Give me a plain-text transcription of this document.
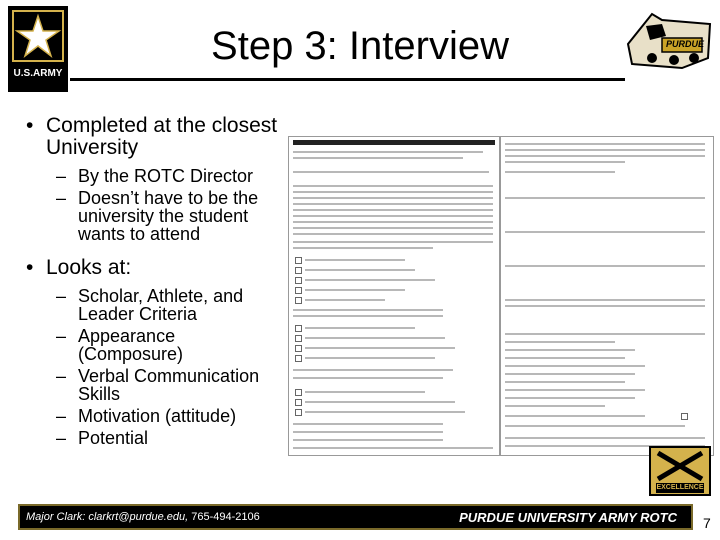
U.S.ARMY
Step 3: Interview	PURDUE
• Completed at the closest University
– By the ROTC Director
– Doesn’t have to be the university the student wants to attend
• Looks at:
– Scholar, Athlete, and Leader Criteria
– Appearance (Composure)
– Verbal Communication Skills
– Motivation (attitude)
– Potential
EXCELLENCE
Major Clark: clarkrt@purdue.edu, 765-494-2106	PURDUE UNIVERSITY ARMY ROTC 7
